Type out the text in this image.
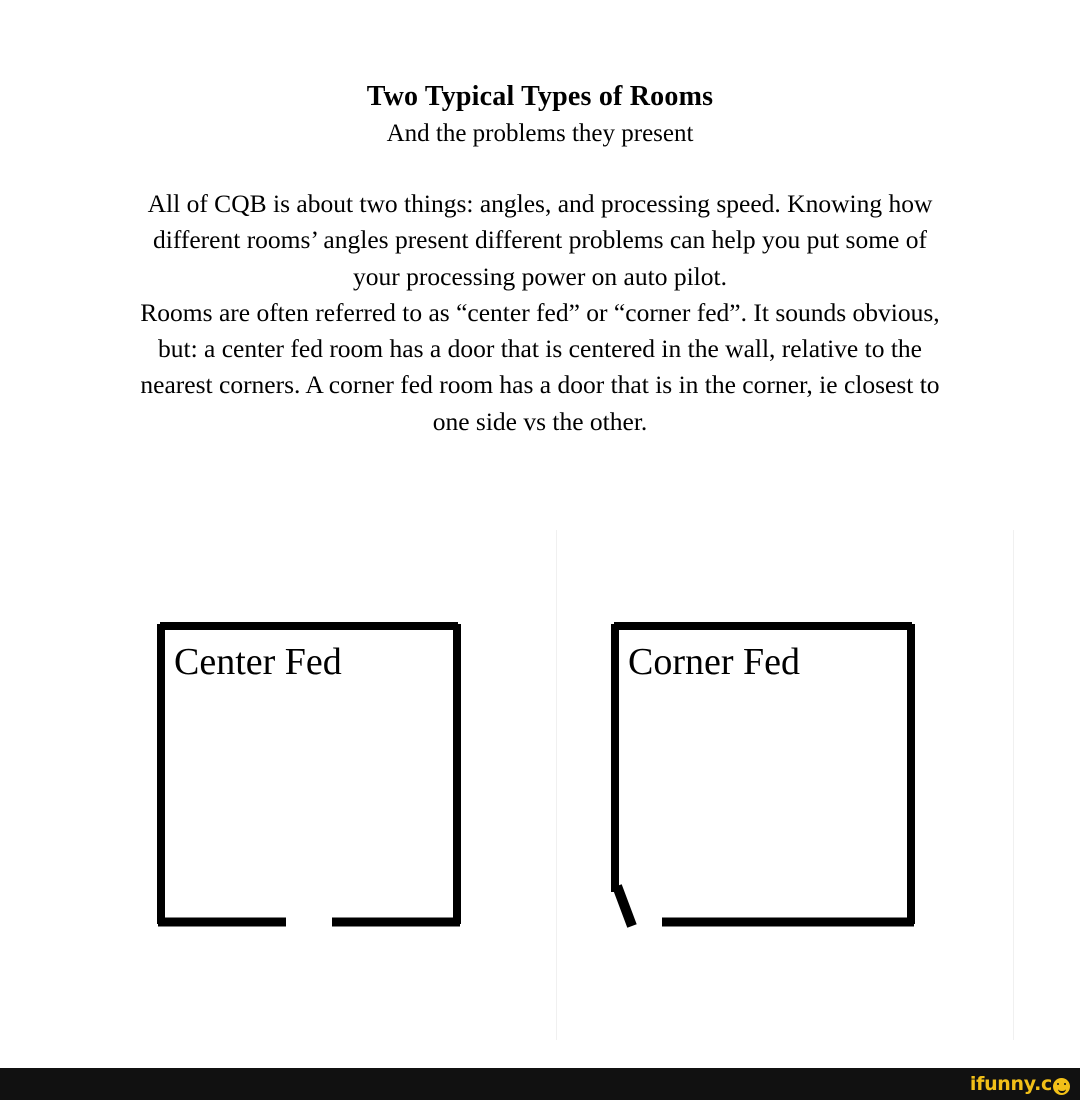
Two Typical Types of Rooms
And the problems they present

All of CQB is about two things: angles, and processing speed. Knowing how different rooms’ angles present different problems can help you put some of your processing power on auto pilot.

Rooms are often referred to as “center fed” or “corner fed”. It sounds obvious, but: a center fed room has a door that is centered in the wall, relative to the nearest corners. A corner fed room has a door that is in the corner, ie closest to one side vs the other.

Center Fed	Corner Fed
ifunny.c
